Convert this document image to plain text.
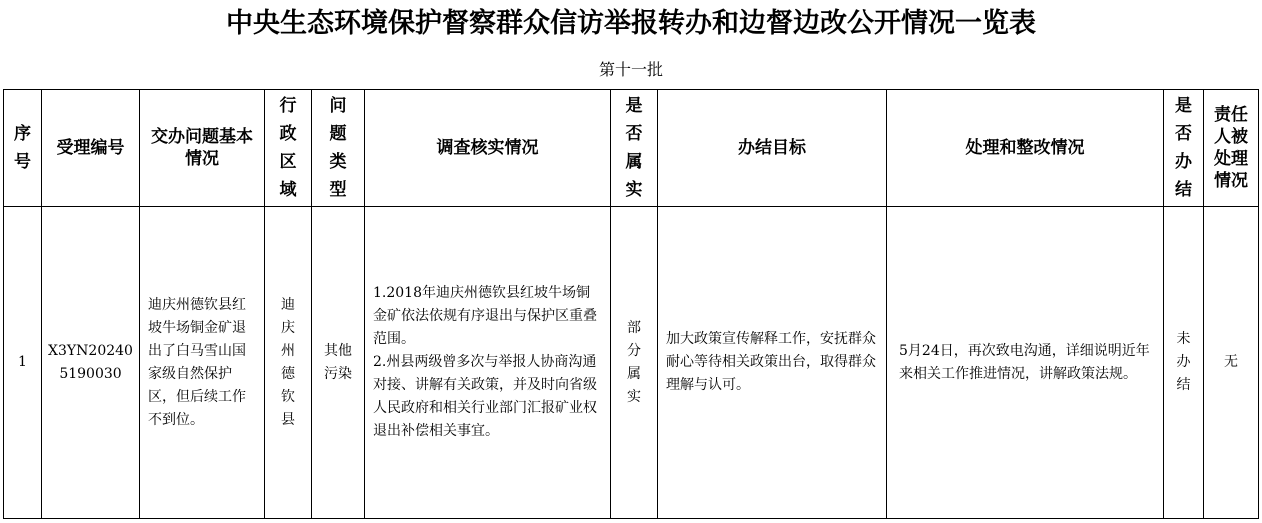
中央生态环境保护督察群众信访举报转办和边督边改公开情况一览表
第十一批
序号	受理编号	交办问题基本情况	行政区域	问题类型	调查核实情况	是否属实	办结目标	处理和整改情况	是否办结	责任人被处理情况

1	X3YN202405190030	迪庆州德钦县红坡牛场铜金矿退出了白马雪山国家级自然保护区，但后续工作不到位。	迪庆州德钦县	其他污染	1.2018年迪庆州德钦县红坡牛场铜金矿依法依规有序退出与保护区重叠范围。
2.州县两级曾多次与举报人协商沟通对接、讲解有关政策，并及时向省级人民政府和相关行业部门汇报矿业权退出补偿相关事宜。	部分属实	加大政策宣传解释工作，安抚群众耐心等待相关政策出台，取得群众理解与认可。	5月24日，再次致电沟通，详细说明近年来相关工作推进情况，讲解政策法规。	未办结	无
